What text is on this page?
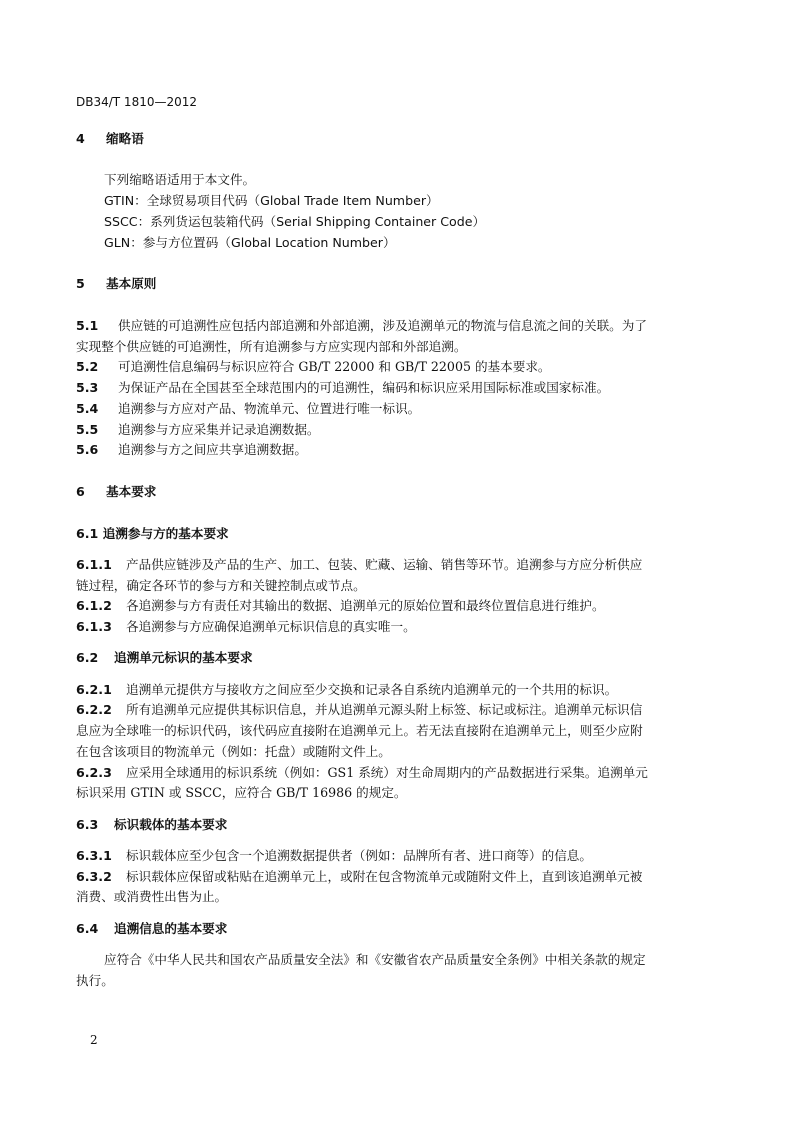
DB34/T 1810—2012
4 缩略语
下列缩略语适用于本文件。
GTIN：全球贸易项目代码（Global Trade Item Number）
SSCC：系列货运包装箱代码（Serial Shipping Container Code）
GLN：参与方位置码（Global Location Number）
5 基本原则
5.1 供应链的可追溯性应包括内部追溯和外部追溯，涉及追溯单元的物流与信息流之间的关联。为了
实现整个供应链的可追溯性，所有追溯参与方应实现内部和外部追溯。
5.2 可追溯性信息编码与标识应符合 GB/T 22000 和 GB/T 22005 的基本要求。
5.3 为保证产品在全国甚至全球范围内的可追溯性，编码和标识应采用国际标准或国家标准。
5.4 追溯参与方应对产品、物流单元、位置进行唯一标识。
5.5 追溯参与方应采集并记录追溯数据。
5.6 追溯参与方之间应共享追溯数据。
6 基本要求
6.1 追溯参与方的基本要求
6.1.1 产品供应链涉及产品的生产、加工、包装、贮藏、运输、销售等环节。追溯参与方应分析供应
链过程，确定各环节的参与方和关键控制点或节点。
6.1.2 各追溯参与方有责任对其输出的数据、追溯单元的原始位置和最终位置信息进行维护。
6.1.3 各追溯参与方应确保追溯单元标识信息的真实唯一。
6.2 追溯单元标识的基本要求
6.2.1 追溯单元提供方与接收方之间应至少交换和记录各自系统内追溯单元的一个共用的标识。
6.2.2 所有追溯单元应提供其标识信息，并从追溯单元源头附上标签、标记或标注。追溯单元标识信
息应为全球唯一的标识代码，该代码应直接附在追溯单元上。若无法直接附在追溯单元上，则至少应附
在包含该项目的物流单元（例如：托盘）或随附文件上。
6.2.3 应采用全球通用的标识系统（例如：GS1 系统）对生命周期内的产品数据进行采集。追溯单元
标识采用 GTIN 或 SSCC，应符合 GB/T 16986 的规定。
6.3 标识载体的基本要求
6.3.1 标识载体应至少包含一个追溯数据提供者（例如：品牌所有者、进口商等）的信息。
6.3.2 标识载体应保留或粘贴在追溯单元上，或附在包含物流单元或随附文件上，直到该追溯单元被
消费、或消费性出售为止。
6.4 追溯信息的基本要求
应符合《中华人民共和国农产品质量安全法》和《安徽省农产品质量安全条例》中相关条款的规定
执行。
2
